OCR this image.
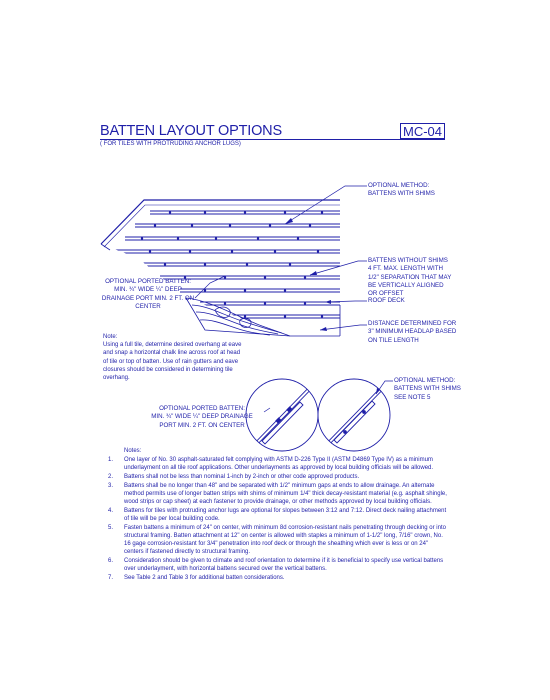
BATTEN LAYOUT OPTIONS
( FOR TILES WITH PROTRUDING ANCHOR LUGS)
MC-04
OPTIONAL METHOD:
BATTENS WITH SHIMS
BATTENS WITHOUT SHIMS
4 FT. MAX. LENGTH WITH
1/2" SEPARATION THAT MAY
BE VERTICALLY ALIGNED
OR OFFSET
ROOF DECK
DISTANCE DETERMINED FOR
3" MINIMUM HEADLAP BASED
ON TILE LENGTH
OPTIONAL PORTED BATTEN:
MIN. ¾" WIDE ¼" DEEP
DRAINAGE PORT MIN. 2 FT. ON
CENTER
OPTIONAL PORTED BATTEN:
MIN. ¾" WIDE ¼" DEEP DRAINAGE
PORT MIN. 2 FT. ON CENTER
OPTIONAL METHOD:
BATTENS WITH SHIMS
SEE NOTE 5
Note:
Using a full tile, determine desired overhang at eave
and snap a horizontal chalk line across roof at head
of tile or top of batten. Use of rain gutters and eave
closures should be considered in determining tile
overhang.
Notes:
1.	One layer of No. 30 asphalt-saturated felt complying with ASTM D-226 Type II (ASTM D4869 Type IV) as a minimum underlayment on all tile roof applications. Other underlayments as approved by local building officials will be allowed.
2.	Battens shall not be less than nominal 1-inch by 2-inch or other code approved products.
3.	Battens shall be no longer than 48" and be separated with 1/2" minimum gaps at ends to allow drainage. An alternate method permits use of longer batten strips with shims of minimum 1/4" thick decay-resistant material (e.g. asphalt shingle, wood strips or cap sheet) at each fastener to provide drainage, or other methods approved by local building officials.
4.	Battens for tiles with protruding anchor lugs are optional for slopes between 3:12 and 7:12. Direct deck nailing attachment of tile will be per local building code.
5.	Fasten battens a minimum of 24" on center, with minimum 8d corrosion-resistant nails penetrating through decking or into structural framing. Batten attachment at 12" on center is allowed with staples a minimum of 1-1/2" long, 7/16" crown, No. 16 gage corrosion-resistant for 3/4" penetration into roof deck or through the sheathing which ever is less or on 24" centers if fastened directly to structural framing.
6.	Consideration should be given to climate and roof orientation to determine if it is beneficial to specify use vertical battens over underlayment, with horizontal battens secured over the vertical battens.
7.	See Table 2 and Table 3 for additional batten considerations.
